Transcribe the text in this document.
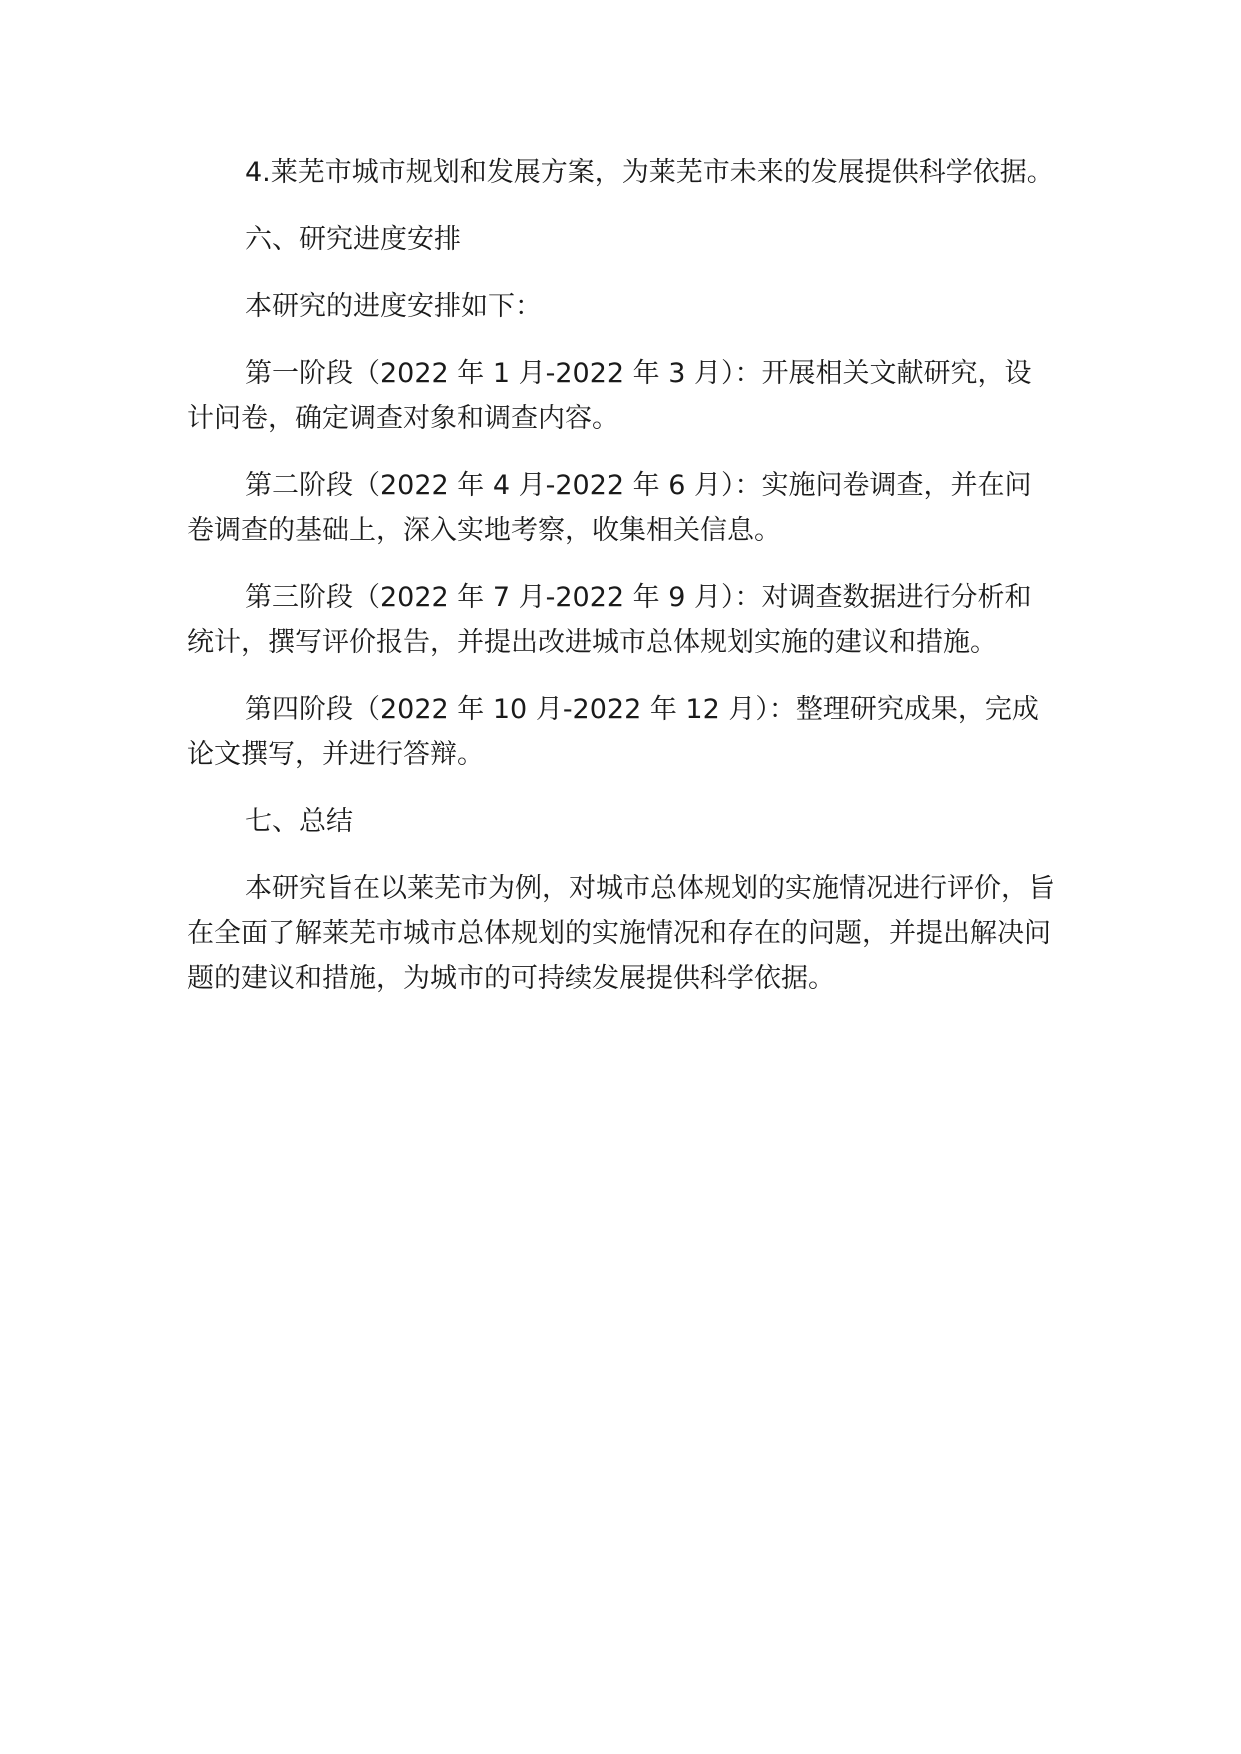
4.莱芜市城市规划和发展方案，为莱芜市未来的发展提供科学依据。

六、研究进度安排

本研究的进度安排如下：

第一阶段（2022 年 1 月-2022 年 3 月）：开展相关文献研究，设计问卷，确定调查对象和调查内容。

第二阶段（2022 年 4 月-2022 年 6 月）：实施问卷调查，并在问卷调查的基础上，深入实地考察，收集相关信息。

第三阶段（2022 年 7 月-2022 年 9 月）：对调查数据进行分析和统计，撰写评价报告，并提出改进城市总体规划实施的建议和措施。

第四阶段（2022 年 10 月-2022 年 12 月）：整理研究成果，完成论文撰写，并进行答辩。

七、总结

本研究旨在以莱芜市为例，对城市总体规划的实施情况进行评价，旨在全面了解莱芜市城市总体规划的实施情况和存在的问题，并提出解决问题的建议和措施，为城市的可持续发展提供科学依据。
